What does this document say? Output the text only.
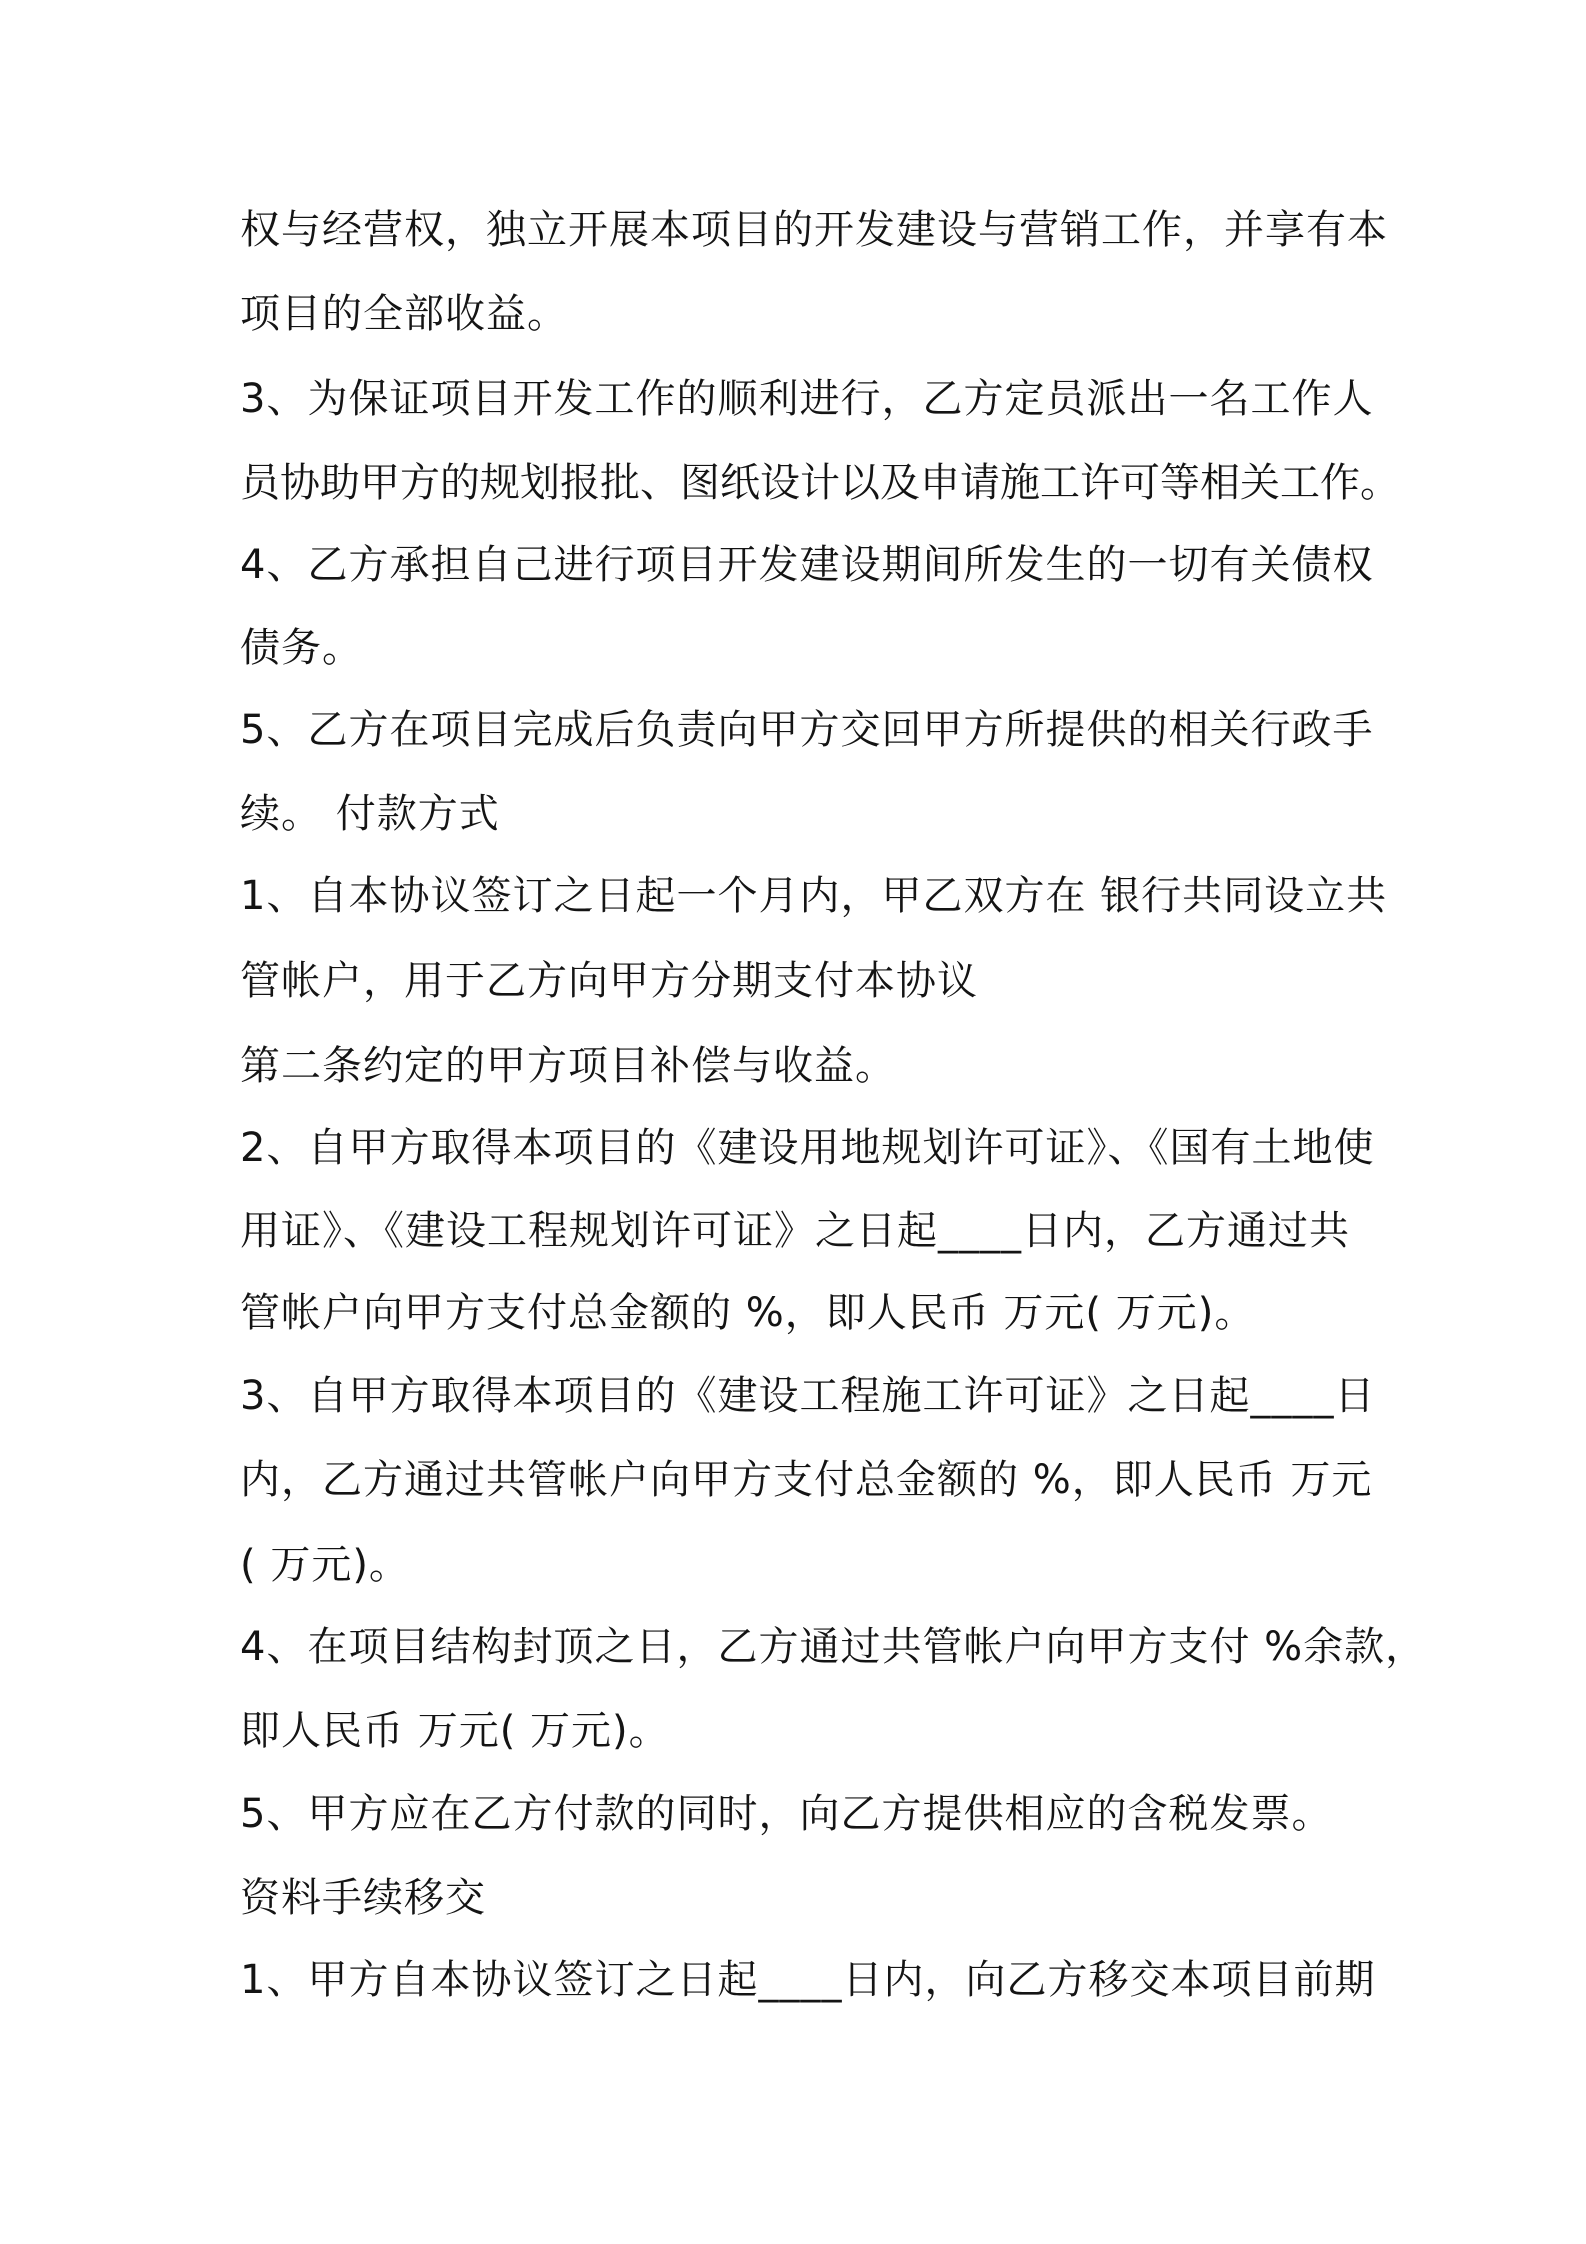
权与经营权，独立开展本项目的开发建设与营销工作，并享有本
项目的全部收益。
3、为保证项目开发工作的顺利进行，乙方定员派出一名工作人
员协助甲方的规划报批、图纸设计以及申请施工许可等相关工作。
4、乙方承担自己进行项目开发建设期间所发生的一切有关债权
债务。
5、乙方在项目完成后负责向甲方交回甲方所提供的相关行政手
续。 付款方式
1、自本协议签订之日起一个月内，甲乙双方在 银行共同设立共
管帐户，用于乙方向甲方分期支付本协议
第二条约定的甲方项目补偿与收益。
2、自甲方取得本项目的《建设用地规划许可证》、《国有土地使
用证》、《建设工程规划许可证》之日起____日内，乙方通过共
管帐户向甲方支付总金额的 %，即人民币 万元( 万元)。
3、自甲方取得本项目的《建设工程施工许可证》之日起____日
内，乙方通过共管帐户向甲方支付总金额的 %，即人民币 万元
( 万元)。
4、在项目结构封顶之日，乙方通过共管帐户向甲方支付 %余款，
即人民币 万元( 万元)。
5、甲方应在乙方付款的同时，向乙方提供相应的含税发票。
资料手续移交
1、甲方自本协议签订之日起____日内，向乙方移交本项目前期
